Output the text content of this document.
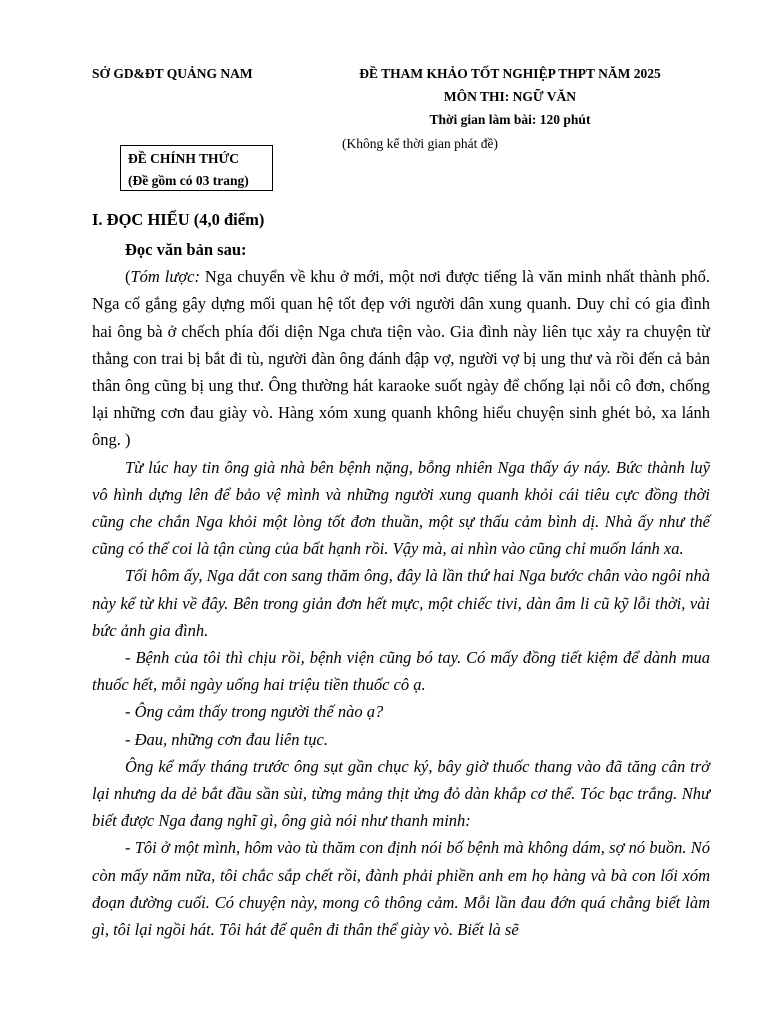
SỞ GD&ĐT QUẢNG NAM	ĐỀ THAM KHẢO TỐT NGHIỆP THPT NĂM 2025
MÔN THI: NGỮ VĂN
Thời gian làm bài: 120 phút
(Không kể thời gian phát đề)
ĐỀ CHÍNH THỨC
(Đề gồm có 03 trang)
I. ĐỌC HIỂU (4,0 điểm)

Đọc văn bản sau:

(Tóm lược: Nga chuyển về khu ở mới, một nơi được tiếng là văn minh nhất thành phố. Nga cố gắng gây dựng mối quan hệ tốt đẹp với người dân xung quanh. Duy chỉ có gia đình hai ông bà ở chếch phía đối diện Nga chưa tiện vào. Gia đình này liên tục xảy ra chuyện từ thằng con trai bị bắt đi tù, người đàn ông đánh đập vợ, người vợ bị ung thư và rồi đến cả bản thân ông cũng bị ung thư. Ông thường hát karaoke suốt ngày để chống lại nỗi cô đơn, chống lại những cơn đau giày vò. Hàng xóm xung quanh không hiểu chuyện sinh ghét bỏ, xa lánh ông. )

Từ lúc hay tin ông già nhà bên bệnh nặng, bỗng nhiên Nga thấy áy náy. Bức thành luỹ vô hình dựng lên để bảo vệ mình và những người xung quanh khỏi cái tiêu cực đồng thời cũng che chắn Nga khỏi một lòng tốt đơn thuần, một sự thấu cảm bình dị. Nhà ấy như thế cũng có thể coi là tận cùng của bất hạnh rồi. Vậy mà, ai nhìn vào cũng chỉ muốn lánh xa.

Tối hôm ấy, Nga dắt con sang thăm ông, đây là lần thứ hai Nga bước chân vào ngôi nhà này kể từ khi về đây. Bên trong giản đơn hết mực, một chiếc tivi, dàn âm li cũ kỹ lỗi thời, vài bức ảnh gia đình.

- Bệnh của tôi thì chịu rồi, bệnh viện cũng bó tay. Có mấy đồng tiết kiệm để dành mua thuốc hết, mỗi ngày uống hai triệu tiền thuốc cô ạ.

- Ông cảm thấy trong người thế nào ạ?

- Đau, những cơn đau liên tục.

Ông kể mấy tháng trước ông sụt gần chục ký, bây giờ thuốc thang vào đã tăng cân trở lại nhưng da dẻ bắt đầu sần sùi, từng mảng thịt ửng đỏ dàn khắp cơ thể. Tóc bạc trắng. Như biết được Nga đang nghĩ gì, ông già nói như thanh minh:

- Tôi ở một mình, hôm vào tù thăm con định nói bố bệnh mà không dám, sợ nó buồn. Nó còn mấy năm nữa, tôi chắc sắp chết rồi, đành phải phiền anh em họ hàng và bà con lối xóm đoạn đường cuối. Có chuyện này, mong cô thông cảm. Mỗi lần đau đớn quá chẳng biết làm gì, tôi lại ngồi hát. Tôi hát để quên đi thân thể giày vò. Biết là sẽ
